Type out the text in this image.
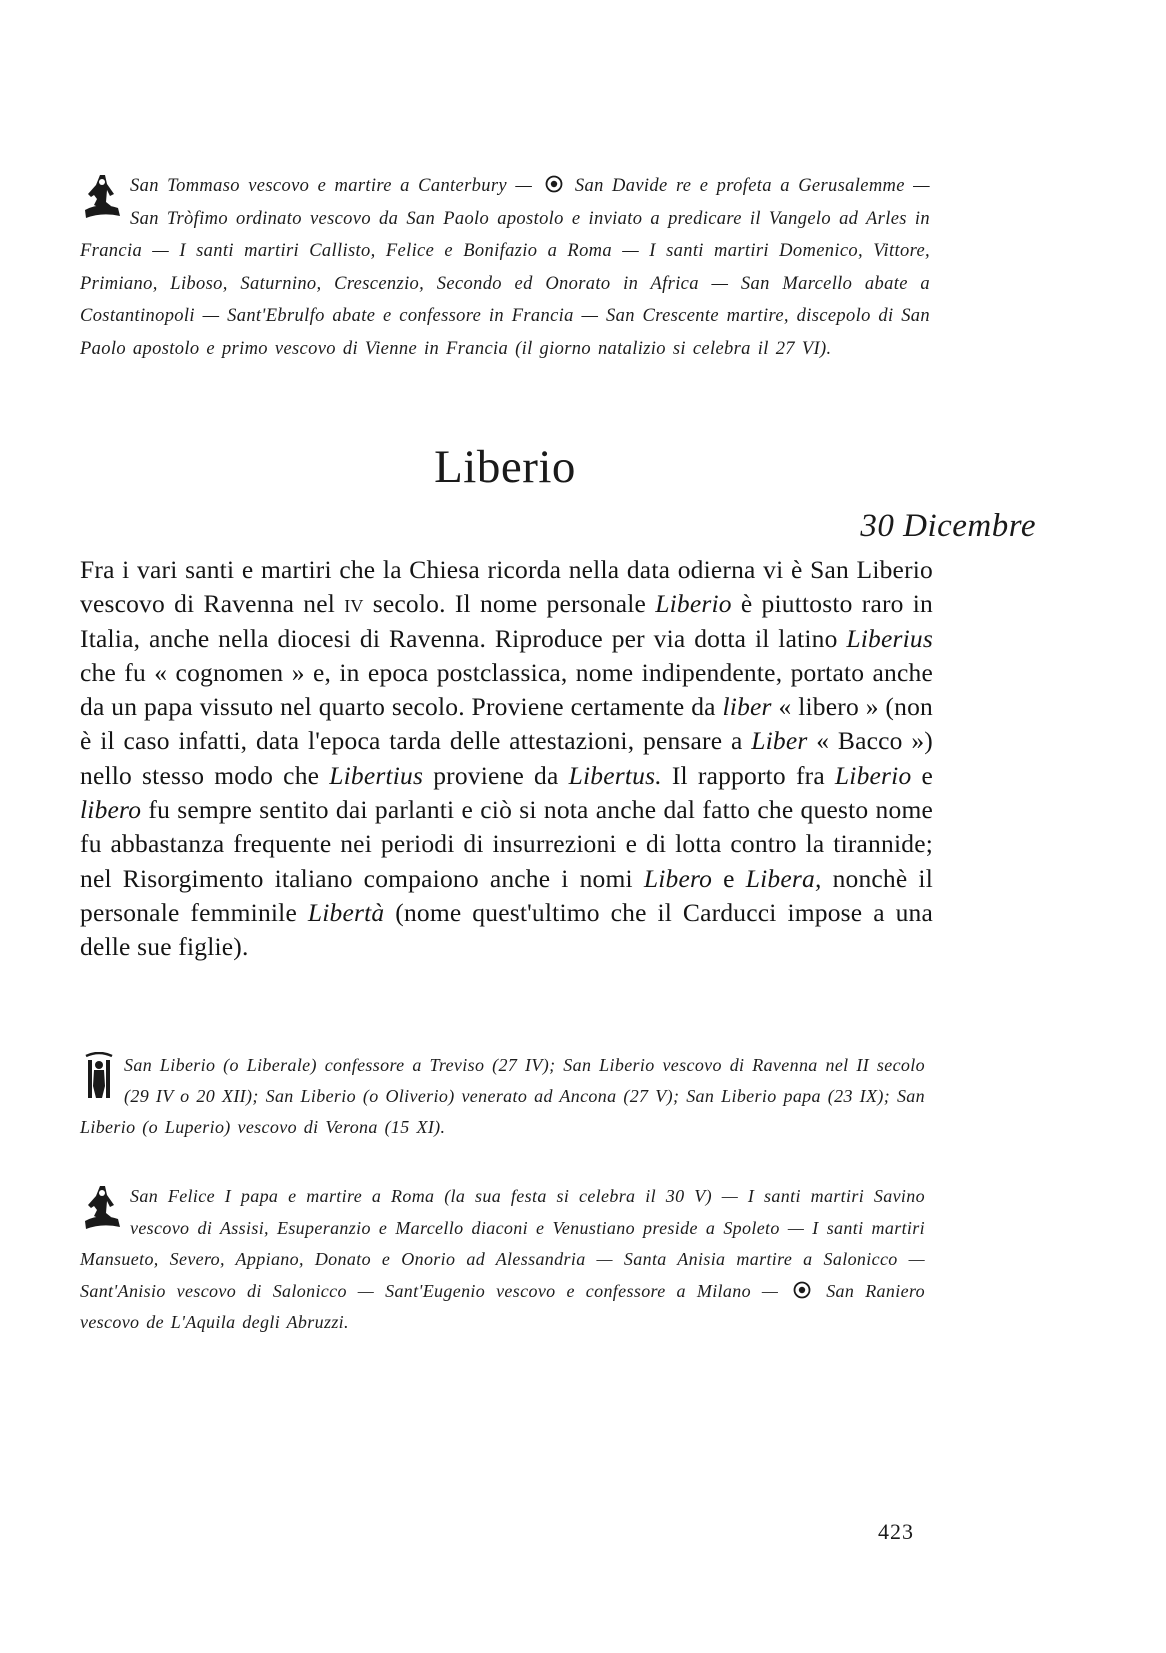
San Tommaso vescovo e martire a Canterbury — San Davide re e profeta a Gerusalemme — San Tròfimo ordinato vescovo da San Paolo apostolo e inviato a predicare il Vangelo ad Arles in Francia — I santi martiri Callisto, Felice e Bonifazio a Roma — I santi martiri Domenico, Vittore, Primiano, Liboso, Saturnino, Crescenzio, Secondo ed Onorato in Africa — San Marcello abate a Costantinopoli — Sant'Ebrulfo abate e confessore in Francia — San Crescente martire, discepolo di San Paolo apostolo e primo vescovo di Vienne in Francia (il giorno natalizio si celebra il 27 VI).
Liberio
30 Dicembre

Fra i vari santi e martiri che la Chiesa ricorda nella data odierna vi è San Liberio vescovo di Ravenna nel iv secolo. Il nome personale Liberio è piuttosto raro in Italia, anche nella diocesi di Ravenna. Riproduce per via dotta il latino Liberius che fu « cognomen » e, in epoca postclassica, nome indipendente, portato anche da un papa vissuto nel quarto secolo. Proviene certamente da liber « libero » (non è il caso infatti, data l'epoca tarda delle attestazioni, pensare a Liber « Bacco ») nello stesso modo che Libertius proviene da Libertus. Il rapporto fra Liberio e libero fu sempre sentito dai parlanti e ciò si nota anche dal fatto che questo nome fu abbastanza frequente nei periodi di insurrezioni e di lotta contro la tirannide; nel Risorgimento italiano compaiono anche i nomi Libero e Libera, nonchè il personale femminile Libertà (nome quest'ultimo che il Carducci impose a una delle sue figlie).

San Liberio (o Liberale) confessore a Treviso (27 IV); San Liberio vescovo di Ravenna nel II secolo (29 IV o 20 XII); San Liberio (o Oliverio) venerato ad Ancona (27 V); San Liberio papa (23 IX); San Liberio (o Luperio) vescovo di Verona (15 XI).
San Felice I papa e martire a Roma (la sua festa si celebra il 30 V) — I santi martiri Savino vescovo di Assisi, Esuperanzio e Marcello diaconi e Venustiano preside a Spoleto — I santi martiri Mansueto, Severo, Appiano, Donato e Onorio ad Alessandria — Santa Anisia martire a Salonicco — Sant'Anisio vescovo di Salonicco — Sant'Eugenio vescovo e confessore a Milano —	San Raniero vescovo de L'Aquila degli Abruzzi.
423
